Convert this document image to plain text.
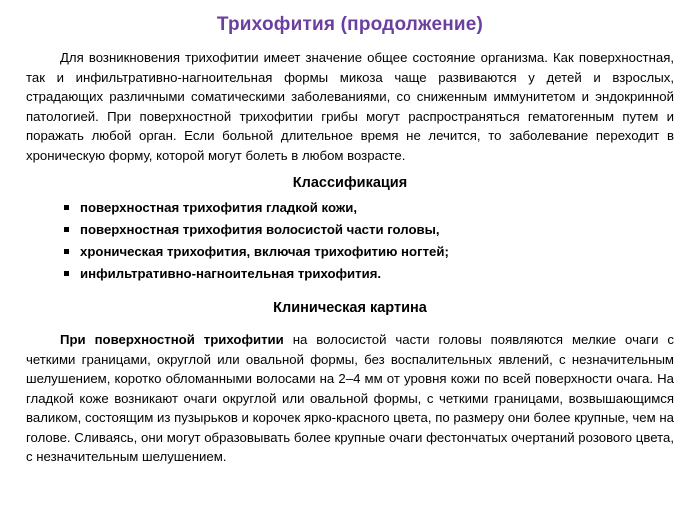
Трихофития (продолжение)

Для возникновения трихофитии имеет значение общее состояние организма. Как поверхностная, так и инфильтративно-нагноительная формы микоза чаще развиваются у детей и взрослых, страдающих различными соматическими заболеваниями, со сниженным иммунитетом и эндокринной патологией. При поверхностной трихофитии грибы могут распространяться гематогенным путем и поражать любой орган. Если больной длительное время не лечится, то заболевание переходит в хроническую форму, которой могут болеть в любом возрасте.

Классификация
поверхностная трихофития гладкой кожи,
поверхностная трихофития волосистой части головы,
хроническая трихофития, включая трихофитию ногтей;
инфильтративно-нагноительная трихофития.
Клиническая картина

При поверхностной трихофитии на волосистой части головы появляются мелкие очаги с четкими границами, округлой или овальной формы, без воспалительных явлений, с незначительным шелушением, коротко обломанными волосами на 2–4 мм от уровня кожи по всей поверхности очага. На гладкой коже возникают очаги округлой или овальной формы, с четкими границами, возвышающимся валиком, состоящим из пузырьков и корочек ярко-красного цвета, по размеру они более крупные, чем на голове. Сливаясь, они могут образовывать более крупные очаги фестончатых очертаний розового цвета, с незначительным шелушением.
